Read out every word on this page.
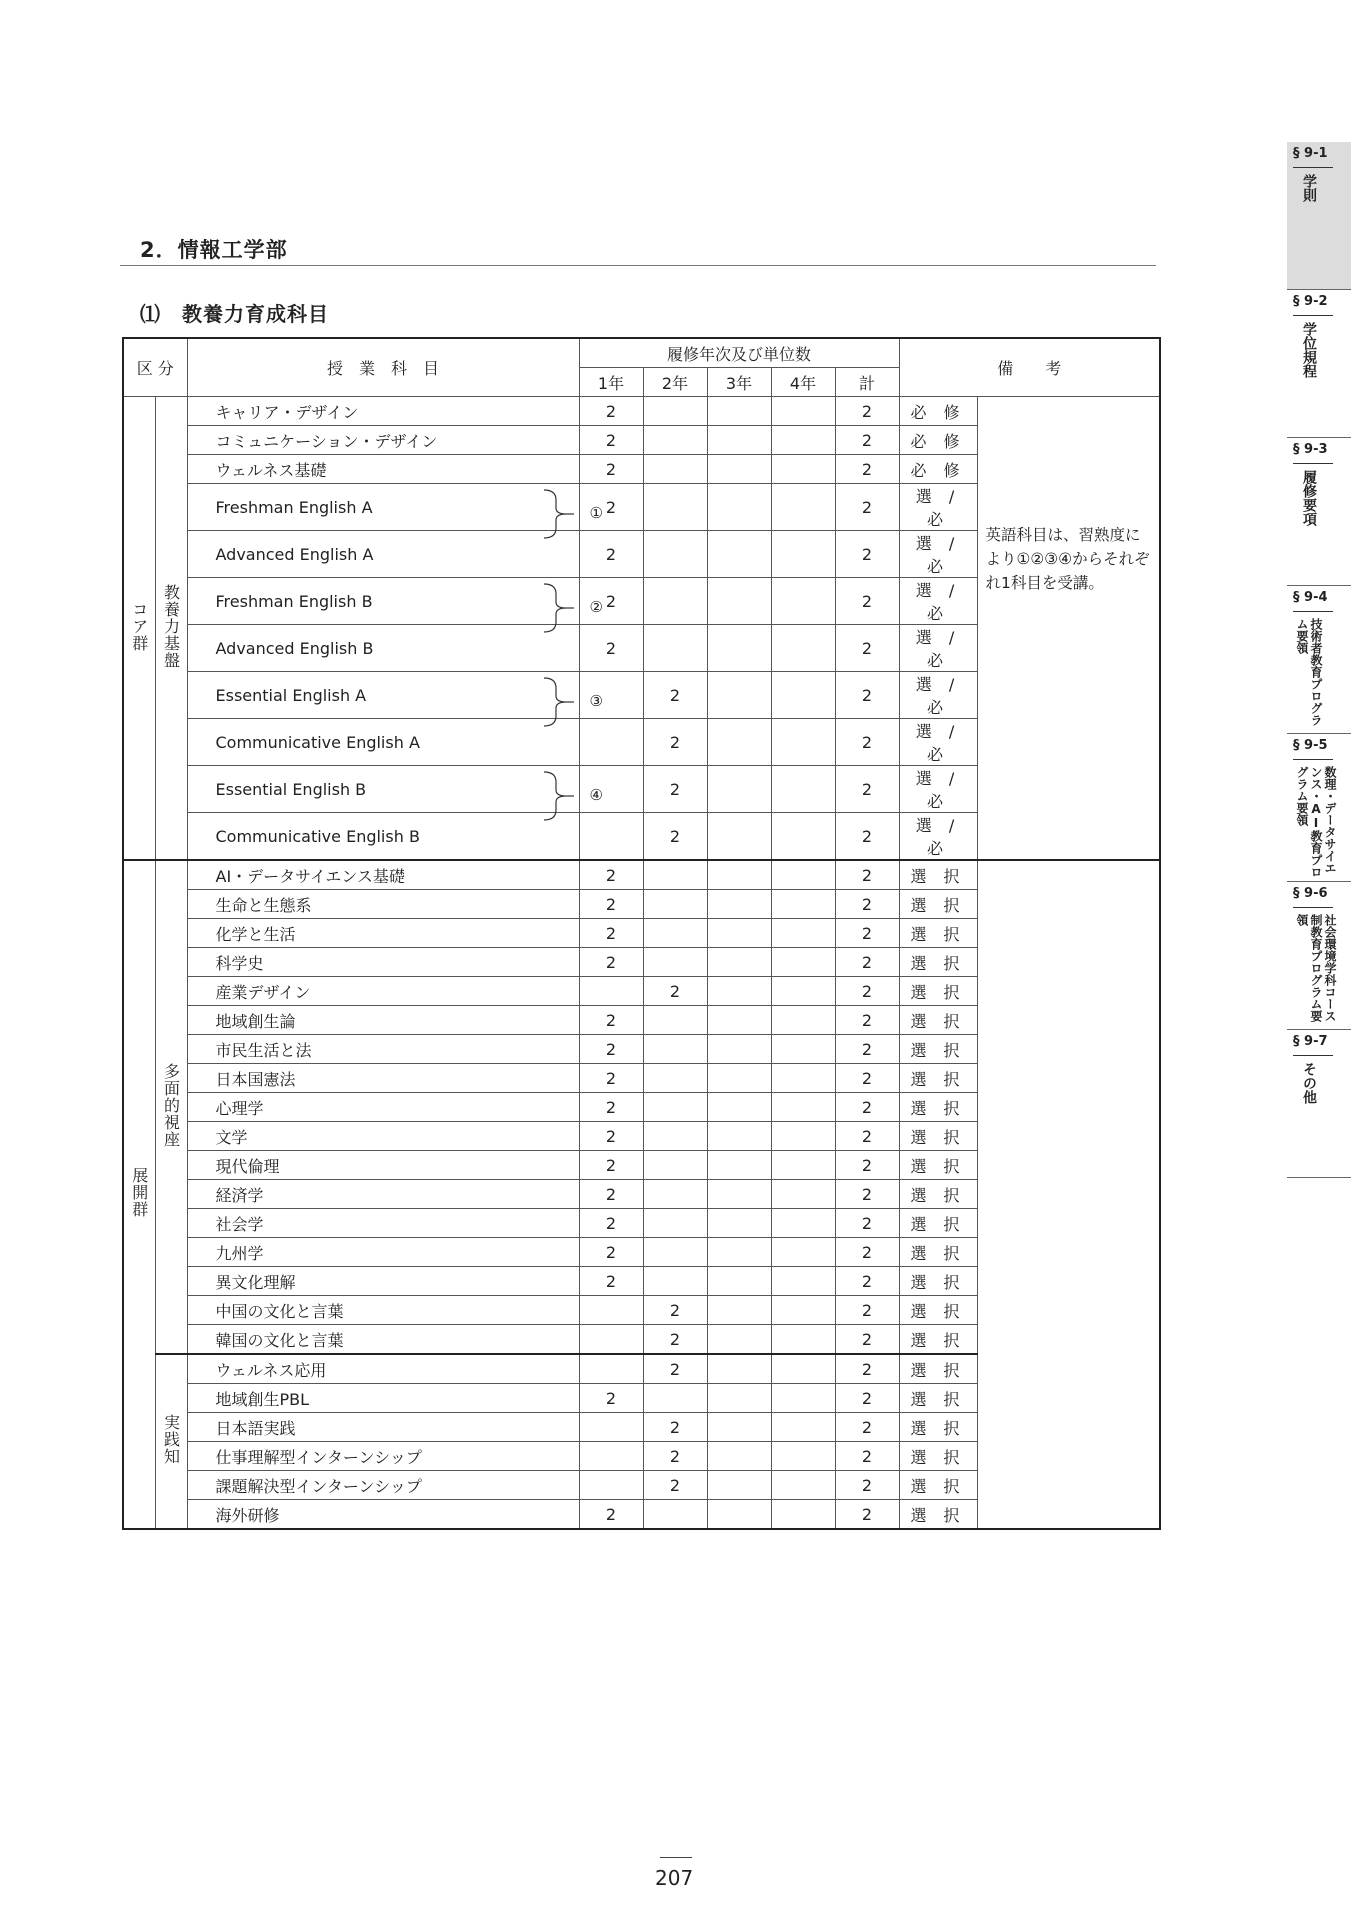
2．情報工学部
⑴　教養力育成科目
区 分		授　業　科　目	履修年次及び単位数					備　　考	
			1年	2年	3年	4年	計		
コア群	教養力基盤	キャリア・デザイン	2				2	必 修	英語科目は、習熟度により①②③④からそれぞれ1科目を受講。

		コミュニケーション・デザイン	2				2	必 修	
		ウェルネス基礎	2				2	必 修	
		Freshman English A ①	2				2	選 / 必	
		Advanced English A	2				2	選 / 必	
		Freshman English B ②	2				2	選 / 必	
		Advanced English B	2				2	選 / 必	
		Essential English A ③		2			2	選 / 必	
		Communicative English A		2			2	選 / 必	
		Essential English B ④		2			2	選 / 必	
		Communicative English B		2			2	選 / 必	
展開群	多面的視座	AI・データサイエンス基礎	2				2	選 択	
		生命と生態系	2				2	選 択	
		化学と生活	2				2	選 択	
		科学史	2				2	選 択	
		産業デザイン		2			2	選 択	
		地域創生論	2				2	選 択	
		市民生活と法	2				2	選 択	
		日本国憲法	2				2	選 択	
		心理学	2				2	選 択	
		文学	2				2	選 択	
		現代倫理	2				2	選 択	
		経済学	2				2	選 択	
		社会学	2				2	選 択	
		九州学	2				2	選 択	
		異文化理解	2				2	選 択	
		中国の文化と言葉		2			2	選 択	
		韓国の文化と言葉		2			2	選 択	
	実践知	ウェルネス応用		2			2	選 択	
		地域創生PBL	2				2	選 択	
		日本語実践		2			2	選 択	
		仕事理解型インターンシップ		2			2	選 択	
		課題解決型インターンシップ		2			2	選 択	
		海外研修	2				2	選 択	
§ 9-1
学則
§ 9-2
学位規程
§ 9-3
履修要項
§ 9-4
技術者教育プログラム要領
§ 9-5
数理・データサイエンス・AI教育プログラム要領
§ 9-6
社会環境学科コース制教育プログラム要領
§ 9-7
その他
207
